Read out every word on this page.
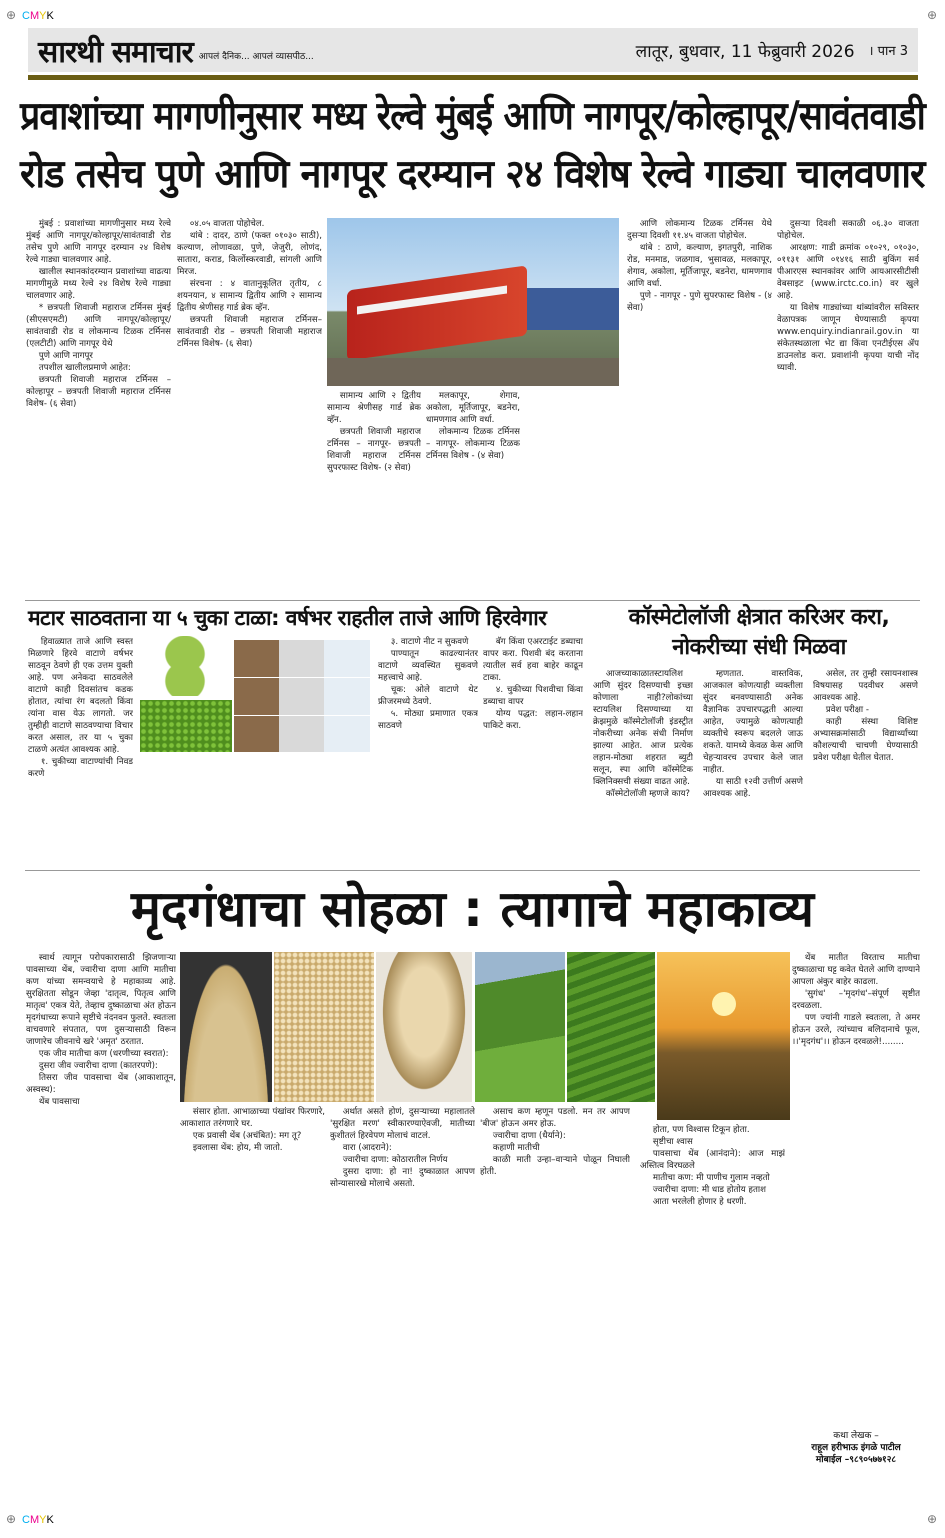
⊕	⊕
CMYK
सारथी समाचार आपलं दैनिक... आपलं व्यासपीठ...	लातूर, बुधवार, 11 फेब्रुवारी 2026 । पान 3
प्रवाशांच्या मागणीनुसार मध्य रेल्वे मुंबई आणि नागपूर/कोल्हापूर/सावंतवाडी
रोड तसेच पुणे आणि नागपूर दरम्यान २४ विशेष रेल्वे गाड्या चालवणार

मुंबई : प्रवाशांच्या मागणीनुसार मध्य रेल्वे मुंबई आणि नागपूर/कोल्हापूर/सावंतवाडी रोड तसेच पुणे आणि नागपूर दरम्यान २४ विशेष रेल्वे गाड्या चालवणार आहे.

खालील स्थानकांदरम्यान प्रवाशांच्या वाढत्या मागणीमुळे मध्य रेल्वे २४ विशेष रेल्वे गाड्या चालवणार आहे.

* छत्रपती शिवाजी महाराज टर्मिनस मुंबई (सीएसएमटी) आणि नागपूर/कोल्हापूर/सावंतवाडी रोड व लोकमान्य टिळक टर्मिनस (एलटीटी) आणि नागपूर येथे

पुणे आणि नागपूर

तपशील खालीलप्रमाणे आहेत:

छत्रपती शिवाजी महाराज टर्मिनस – कोल्हापूर – छत्रपती शिवाजी महाराज टर्मिनस विशेष- (६ सेवा)

०४.०५ वाजता पोहोचेल.

थांबे : दादर, ठाणे (फक्त ०१०३० साठी), कल्याण, लोणावळा, पुणे, जेजुरी, लोणंद, सातारा, कराड, किर्लोस्करवाडी, सांगली आणि मिरज.

संरचना : ४ वातानुकूलित तृतीय, ८ शयनयान, ४ सामान्य द्वितीय आणि २ सामान्य द्वितीय श्रेणीसह गार्ड ब्रेक व्हॅन.

छत्रपती शिवाजी महाराज टर्मिनस–सावंतवाडी रोड – छत्रपती शिवाजी महाराज टर्मिनस विशेष- (६ सेवा)

सामान्य आणि २ द्वितीय सामान्य श्रेणीसह गार्ड ब्रेक व्हॅन.

छत्रपती शिवाजी महाराज टर्मिनस – नागपूर- छत्रपती शिवाजी महाराज टर्मिनस सुपरफास्ट विशेष- (२ सेवा)

मलकापूर, शेगाव, अकोला, मूर्तिजापूर, बडनेरा, धामणगाव आणि वर्धा.

लोकमान्य टिळक टर्मिनस – नागपूर- लोकमान्य टिळक टर्मिनस विशेष - (४ सेवा)

आणि लोकमान्य टिळक टर्मिनस येथे दुसऱ्या दिवशी ११.४५ वाजता पोहोचेल.

थांबे : ठाणे, कल्याण, इगतपुरी, नाशिक रोड, मनमाड, जळगाव, भुसावळ, मलकापूर, शेगाव, अकोला, मूर्तिजापूर, बडनेरा, धामणगाव आणि वर्धा.

पुणे - नागपूर - पुणे सुपरफास्ट विशेष - (४ सेवा)

दुसऱ्या दिवशी सकाळी ०६.३० वाजता पोहोचेल.

आरक्षण: गाडी क्रमांक ०१०२९, ०१०३०, ०११३१ आणि ०१४१६ साठी बुकिंग सर्व पीआरएस स्थानकांवर आणि आयआरसीटीसी वेबसाइट (www.irctc.co.in) वर खुले आहे.

या विशेष गाड्यांच्या थांब्यांवरील सविस्तर वेळापत्रक जाणून घेण्यासाठी कृपया www.enquiry.indianrail.gov.in या संकेतस्थळाला भेट द्या किंवा एनटीईएस ॲप डाउनलोड करा. प्रवाशांनी कृपया याची नोंद घ्यावी.

मटार साठवताना या ५ चुका टाळा: वर्षभर राहतील ताजे आणि हिरवेगार

हिवाळ्यात ताजे आणि स्वस्त मिळणारे हिरवे वाटाणे वर्षभर साठवून ठेवणे ही एक उत्तम युक्ती आहे. पण अनेकदा साठवलेले वाटाणे काही दिवसांतच कडक होतात, त्यांचा रंग बदलतो किंवा त्यांना वास येऊ लागतो. जर तुम्हीही वाटाणे साठवण्याचा विचार करत असाल, तर या ५ चुका टाळणे अत्यंत आवश्यक आहे.

१. चुकीच्या वाटाण्यांची निवड करणे

३. वाटाणे नीट न सुकवणे

पाण्यातून काढल्यानंतर वाटाणे व्यवस्थित सुकवणे महत्त्वाचे आहे.

चूक: ओले वाटाणे थेट फ्रीजरमध्ये ठेवणे.

५. मोठ्या प्रमाणात एकत्र साठवणे

बॅग किंवा एअरटाईट डब्याचा वापर करा. पिशवी बंद करताना त्यातील सर्व हवा बाहेर काढून टाका.

४. चुकीच्या पिशवीचा किंवा डब्याचा वापर

योग्य पद्धत: लहान-लहान पाकिटे करा.

कॉस्मेटोलॉजी क्षेत्रात करिअर करा,
नोकरीच्या संधी मिळवा

आजच्याकाळातस्टायलिश आणि सुंदर दिसण्याची इच्छा कोणाला नाही?लोकांच्या स्टायलिश दिसण्याच्या या क्रेझमुळे कॉस्मेटोलॉजी इंडस्ट्रीत नोकरीच्या अनेक संधी निर्माण झाल्या आहेत. आज प्रत्येक लहान-मोठ्या शहरात ब्युटी सलून, स्पा आणि कॉस्मेटिक क्लिनिक्सची संख्या वाढत आहे.

कॉस्मेटोलॉजी म्हणजे काय?

म्हणतात. वास्तविक, आजकाल कोणत्याही व्यक्तीला सुंदर बनवण्यासाठी अनेक वैज्ञानिक उपचारपद्धती आल्या आहेत, ज्यामुळे कोणत्याही व्यक्तीचे स्वरूप बदलले जाऊ शकते. यामध्ये केवळ केस आणि चेहऱ्यावरच उपचार केले जात नाहीत.

या साठी १२वी उत्तीर्ण असणे आवश्यक आहे.

असेल, तर तुम्ही रसायनशास्त्र विषयासह पदवीधर असणे आवश्यक आहे.

प्रवेश परीक्षा -

काही संस्था विशिष्ट अभ्यासक्रमांसाठी विद्यार्थ्यांच्या कौशल्याची चाचणी घेण्यासाठी प्रवेश परीक्षा घेतील घेतात.

मृदगंधाचा सोहळा : त्यागाचे महाकाव्य

स्वार्थ त्यागून परोपकारासाठी झिजणाऱ्या पावसाच्या थेंब, ज्वारीचा दाणा आणि मातीचा कण यांच्या समन्वयाचे हे महाकाव्य आहे. सुरक्षितता सोडून जेव्हा 'दातृत्व, पितृत्व आणि मातृत्व' एकत्र येते, तेव्हाच दुष्काळाचा अंत होऊन मृदगंधाच्या रूपाने सृष्टीचे नंदनवन फुलते. स्वतःला वाचवणारे संपतात, पण दुसऱ्यासाठी विरून जाणारेच जीवनाचे खरे 'अमृत' ठरतात.

एक जीव मातीचा कण (धरणीच्या स्वरात):

दुसरा जीव ज्वारीचा दाणा (कातरपणे):

तिसरा जीव पावसाचा थेंब (आकाशातून, अस्वस्थ):

थेंब पावसाचा

संसार होता. आभाळाच्या पंखांवर फिरणारे, आकाशात तरंगणारे घर.

एक प्रवासी थेंब (अचंबित): मग तू?

इवलासा थेंब: होय, मी जातो.

अर्थात असते होणं, दुसऱ्याच्या महालातले 'सुरक्षित मरण' स्वीकारण्याऐवजी, मातीच्या कुशीतलं हिरवेपण मोलाचं वाटलं.

वारा (आदराने):

ज्वारीचा दाणा: कोठारातील निर्णय

दुसरा दाणा: हो ना! दुष्काळात आपण सोन्यासारखे मोलाचे असतो.

असाच कण म्हणून पडलो. मन तर आपण 'बीज' होऊन अमर होऊ.

ज्वारीचा दाणा (धैर्याने):

कहाणी मातीची

काळी माती उन्हा–वाऱ्याने पोळून निघाली होती.

होता, पण विश्वास टिकून होता.

सृष्टीचा श्वास

पावसाचा थेंब (आनंदाने): आज माझं अस्तित्व विरघळले

मातीचा कण: मी पाणीच गुलाम नव्हतो

ज्वारीचा दाणा: मी धाड होतोय हताश

आता भरलेली होणार हे धरणी.

थेंब मातीत विरताच मातीचा दुष्काळाचा घट्ट कवेत घेतले आणि दाण्याने आपला अंकुर बाहेर काढला.

'सुगंध' –'मृदगंध'–संपूर्ण सृष्टीत दरवळला.

पण ज्यांनी गाडले स्वतःला, ते अमर होऊन उरले, त्यांच्याच बलिदानाचे फूल, ।।'मृदगंध'।। होऊन दरवळले!........

कथा लेखक –
राहूल हरीभाऊ इंगळे पाटील
मोबाईल –९८९०५७७१२८
⊕	⊕
CMYK
